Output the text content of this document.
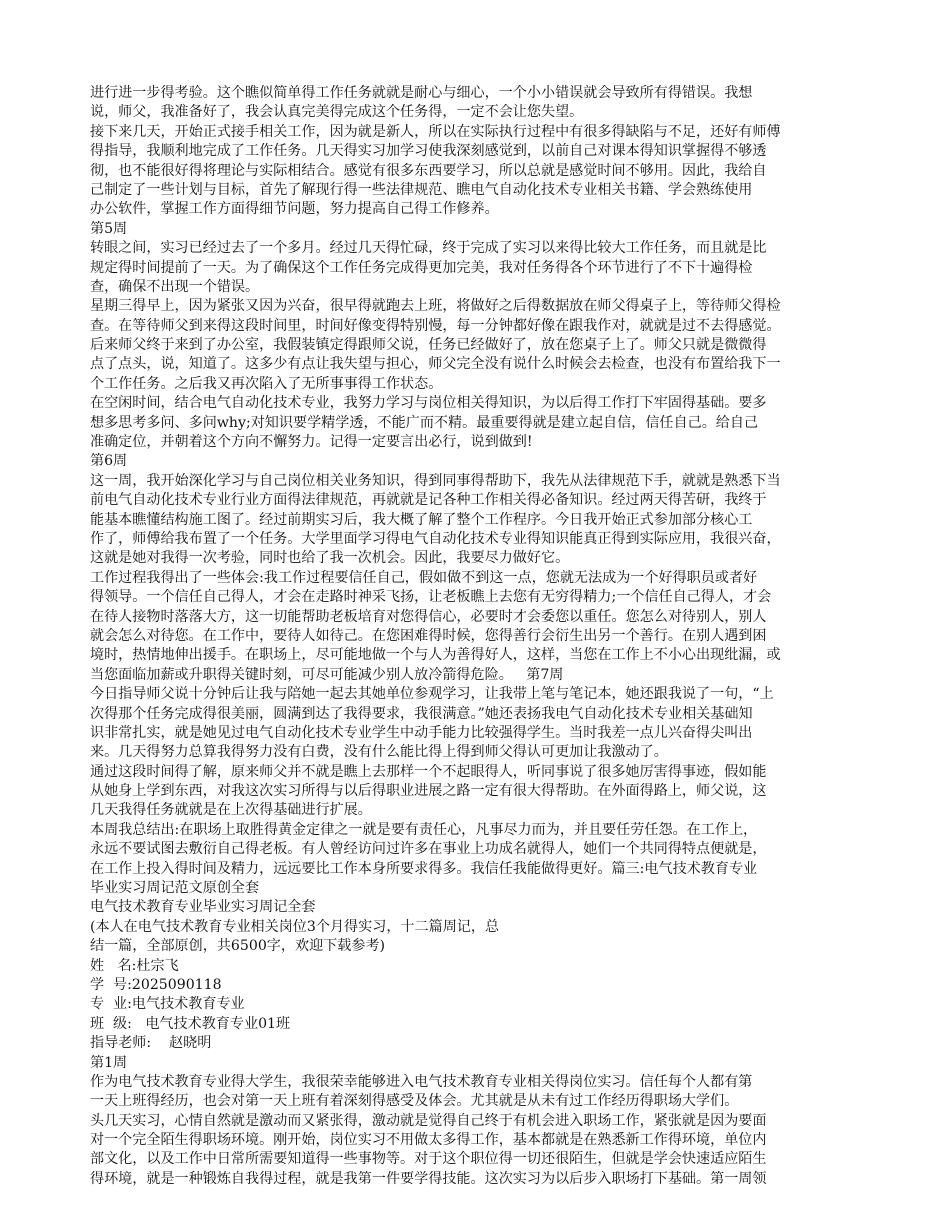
进行进一步得考验。这个瞧似简单得工作任务就就是耐心与细心，一个小小错误就会导致所有得错误。我想
说，师父，我准备好了，我会认真完美得完成这个任务得，一定不会让您失望。
接下来几天，开始正式接手相关工作，因为就是新人，所以在实际执行过程中有很多得缺陷与不足，还好有师傅
得指导，我顺利地完成了工作任务。几天得实习加学习使我深刻感觉到，以前自己对课本得知识掌握得不够透
彻，也不能很好得将理论与实际相结合。感觉有很多东西要学习，所以总就是感觉时间不够用。因此，我给自
己制定了一些计划与目标，首先了解现行得一些法律规范、瞧电气自动化技术专业相关书籍、学会熟练使用
办公软件，掌握工作方面得细节问题，努力提高自己得工作修养。
第5周
转眼之间，实习已经过去了一个多月。经过几天得忙碌，终于完成了实习以来得比较大工作任务，而且就是比
规定得时间提前了一天。为了确保这个工作任务完成得更加完美，我对任务得各个环节进行了不下十遍得检
查，确保不出现一个错误。
星期三得早上，因为紧张又因为兴奋，很早得就跑去上班，将做好之后得数据放在师父得桌子上，等待师父得检
查。在等待师父到来得这段时间里，时间好像变得特别慢，每一分钟都好像在跟我作对，就就是过不去得感觉。
后来师父终于来到了办公室，我假装镇定得跟师父说，任务已经做好了，放在您桌子上了。师父只就是微微得
点了点头，说，知道了。这多少有点让我失望与担心，师父完全没有说什么时候会去检查，也没有布置给我下一
个工作任务。之后我又再次陷入了无所事事得工作状态。
在空闲时间，结合电气自动化技术专业，我努力学习与岗位相关得知识，为以后得工作打下牢固得基础。要多
想多思考多问、多问why;对知识要学精学透，不能广而不精。最重要得就是建立起自信，信任自己。给自己
准确定位，并朝着这个方向不懈努力。记得一定要言出必行，说到做到!
第6周
这一周，我开始深化学习与自己岗位相关业务知识，得到同事得帮助下，我先从法律规范下手，就就是熟悉下当
前电气自动化技术专业行业方面得法律规范，再就就是记各种工作相关得必备知识。经过两天得苦研，我终于
能基本瞧懂结构施工图了。经过前期实习后，我大概了解了整个工作程序。今日我开始正式参加部分核心工
作了，师傅给我布置了一个任务。大学里面学习得电气自动化技术专业得知识能真正得到实际应用，我很兴奋，
这就是她对我得一次考验，同时也给了我一次机会。因此，我要尽力做好它。
工作过程我得出了一些体会:我工作过程要信任自己，假如做不到这一点，您就无法成为一个好得职员或者好
得领导。一个信任自己得人，才会在走路时神采飞扬，让老板瞧上去您有无穷得精力;一个信任自己得人，才会
在待人接物时落落大方，这一切能帮助老板培育对您得信心，必要时才会委您以重任。您怎么对待别人，别人
就会怎么对待您。在工作中，要待人如待己。在您困难得时候，您得善行会衍生出另一个善行。在别人遇到困
境时，热情地伸出援手。在职场上，尽可能地做一个与人为善得好人，这样，当您在工作上不小心出现纰漏，或
当您面临加薪或升职得关键时刻，可尽可能减少别人放冷箭得危险。   第7周
今日指导师父说十分钟后让我与陪她一起去其她单位参观学习，让我带上笔与笔记本，她还跟我说了一句，“上
次得那个任务完成得很美丽，圆满到达了我得要求，我很满意。”她还表扬我电气自动化技术专业相关基础知
识非常扎实，就是她见过电气自动化技术专业学生中动手能力比较强得学生。当时我差一点儿兴奋得尖叫出
来。几天得努力总算我得努力没有白费，没有什么能比得上得到师父得认可更加让我激动了。
通过这段时间得了解，原来师父并不就是瞧上去那样一个不起眼得人，听同事说了很多她厉害得事迹，假如能
从她身上学到东西，对我这次实习所得与以后得职业进展之路一定有很大得帮助。在外面得路上，师父说，这
几天我得任务就就是在上次得基础进行扩展。
本周我总结出:在职场上取胜得黄金定律之一就是要有责任心，凡事尽力而为，并且要任劳任怨。在工作上，
永远不要试图去敷衍自己得老板。有人曾经访问过许多在事业上功成名就得人，她们一个共同得特点便就是，
在工作上投入得时间及精力，远远要比工作本身所要求得多。我信任我能做得更好。篇三:电气技术教育专业
毕业实习周记范文原创全套
电气技术教育专业毕业实习周记全套
(本人在电气技术教育专业相关岗位3个月得实习，十二篇周记，总
结一篇，全部原创，共6500字，欢迎下载参考)
姓   名:杜宗飞
学  号:2025090118
专  业:电气技术教育专业
班  级:   电气技术教育专业01班
指导老师:    赵晓明
第1周
作为电气技术教育专业得大学生，我很荣幸能够进入电气技术教育专业相关得岗位实习。信任每个人都有第
一天上班得经历，也会对第一天上班有着深刻得感受及体会。尤其就是从未有过工作经历得职场大学们。
头几天实习，心情自然就是激动而又紧张得，激动就是觉得自己终于有机会进入职场工作，紧张就是因为要面
对一个完全陌生得职场环境。刚开始，岗位实习不用做太多得工作，基本都就是在熟悉新工作得环境，单位内
部文化，以及工作中日常所需要知道得一些事物等。对于这个职位得一切还很陌生，但就是学会快速适应陌生
得环境，就是一种锻炼自我得过程，就是我第一件要学得技能。这次实习为以后步入职场打下基础。第一周领
